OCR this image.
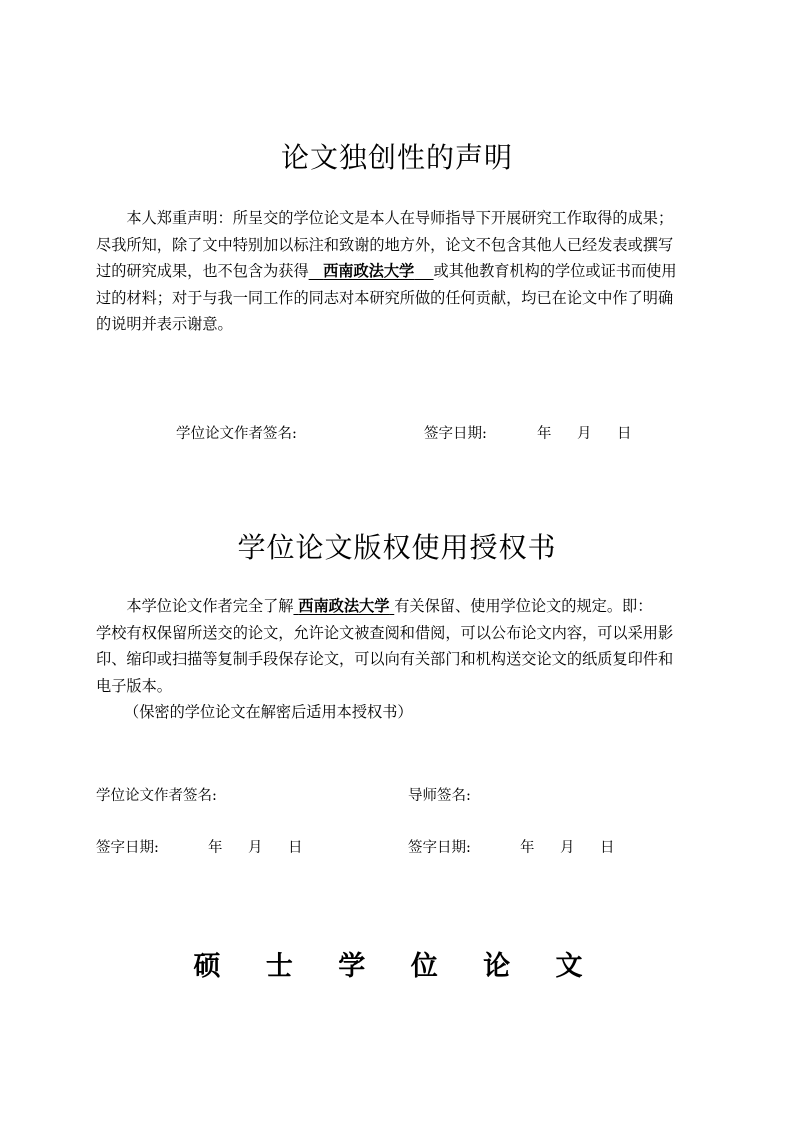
论文独创性的声明
本人郑重声明：所呈交的学位论文是本人在导师指导下开展研究工作取得的成果；
尽我所知，除了文中特别加以标注和致谢的地方外，论文不包含其他人已经发表或撰写
过的研究成果，也不包含为获得 西南政法大学 或其他教育机构的学位或证书而使用
过的材料；对于与我一同工作的同志对本研究所做的任何贡献，均已在论文中作了明确
的说明并表示谢意。
学位论文作者签名:	签字日期:	年 月 日
学位论文版权使用授权书
本学位论文作者完全了解 西南政法大学 有关保留、使用学位论文的规定。即：
学校有权保留所送交的论文，允许论文被查阅和借阅，可以公布论文内容，可以采用影
印、缩印或扫描等复制手段保存论文，可以向有关部门和机构送交论文的纸质复印件和
电子版本。
（保密的学位论文在解密后适用本授权书）
学位论文作者签名:	导师签名:
签字日期:	年 月 日	签字日期:	年 月 日
硕 士 学 位 论 文
